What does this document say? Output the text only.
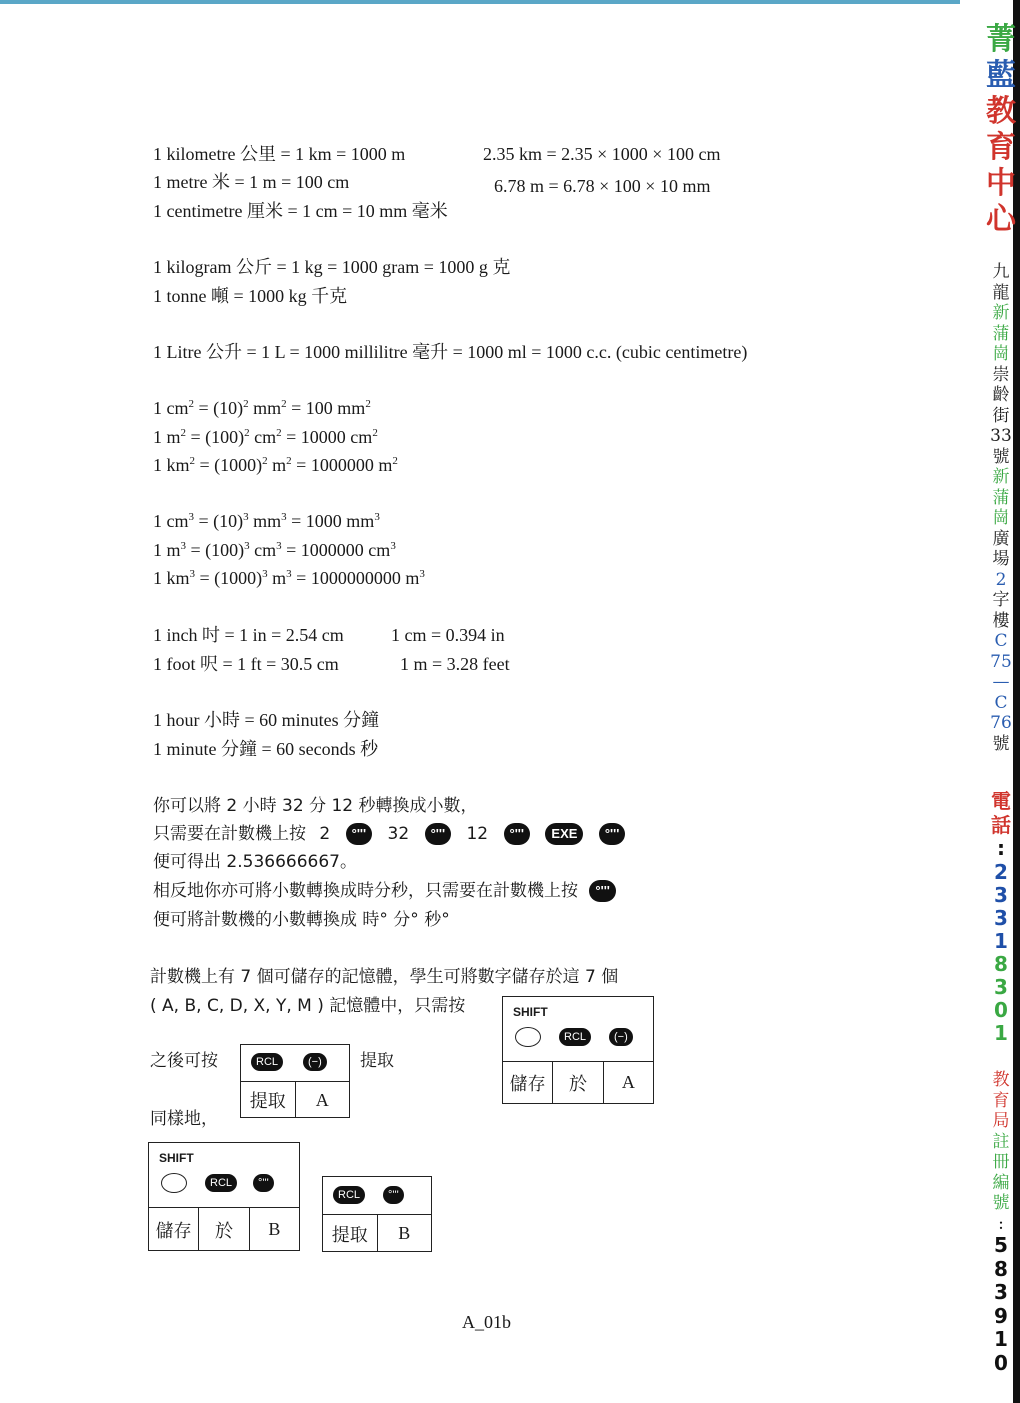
1 kilometre 公里 = 1 km = 1000 m
1 metre 米 = 1 m = 100 cm
1 centimetre 厘米 = 1 cm = 10 mm 毫米
2.35 km = 2.35 × 1000 × 100 cm
6.78 m = 6.78 × 100 × 10 mm
1 kilogram 公斤 = 1 kg = 1000 gram = 1000 g 克
1 tonne 噸 = 1000 kg 千克
1 Litre 公升 = 1 L = 1000 millilitre 毫升 = 1000 ml = 1000 c.c. (cubic centimetre)
1 $cm^2 = (10)^2$ $mm^2 = 100$ $mm^2$
1 $m^2 = (100)^2$ $cm^2 = 10000$ $cm^2$
1 $km^2 = (1000)^2$ $m^2 = 1000000$ $m^2$
1 $cm^3 = (10)^3$ $mm^3 = 1000$ $mm^3$
1 $m^3 = (100)^3$ $cm^3 = 1000000$ $cm^3$
1 $km^3 = (1000)^3$ $m^3 = 1000000000$ $m^3$
1 inch 吋 = 1 in = 2.54 cm
1 foot 呎 = 1 ft = 30.5 cm
1 cm = 0.394 in
1 m = 3.28 feet
1 hour 小時 = 60 minutes 分鐘
1 minute 分鐘 = 60 seconds 秒
你可以將 2 小時 32 分 12 秒轉換成小數，
只需要在計數機上按 2 °''' 32 °''' 12 °''' EXE °'''
便可得出 2.536666667。
相反地你亦可將小數轉換成時分秒，只需要在計數機上按 °'''
便可將計數機的小數轉換成 時° 分° 秒°
計數機上有 7 個可儲存的記憶體，學生可將數字儲存於這 7 個
( A, B, C, D, X, Y, M ) 記憶體中，只需按
之後可按	提取
同樣地，
SHIFT
RCL	(−)
儲存	於	A
RCL	(−)
提取	A
SHIFT
RCL	°'''
儲存	於	B
RCL	°'''
提取	B
A_01b
菁
藍
教
育
中
心
九
龍
新
蒲
崗
崇
齡
街
33
號
新
蒲
崗
廣
場
2
字
樓
C
75
—
C
76
號
電
話
:
2
3
3
1
8
3
0
1
教
育
局
註
冊
編
號
:
5
8
3
9
1
0
